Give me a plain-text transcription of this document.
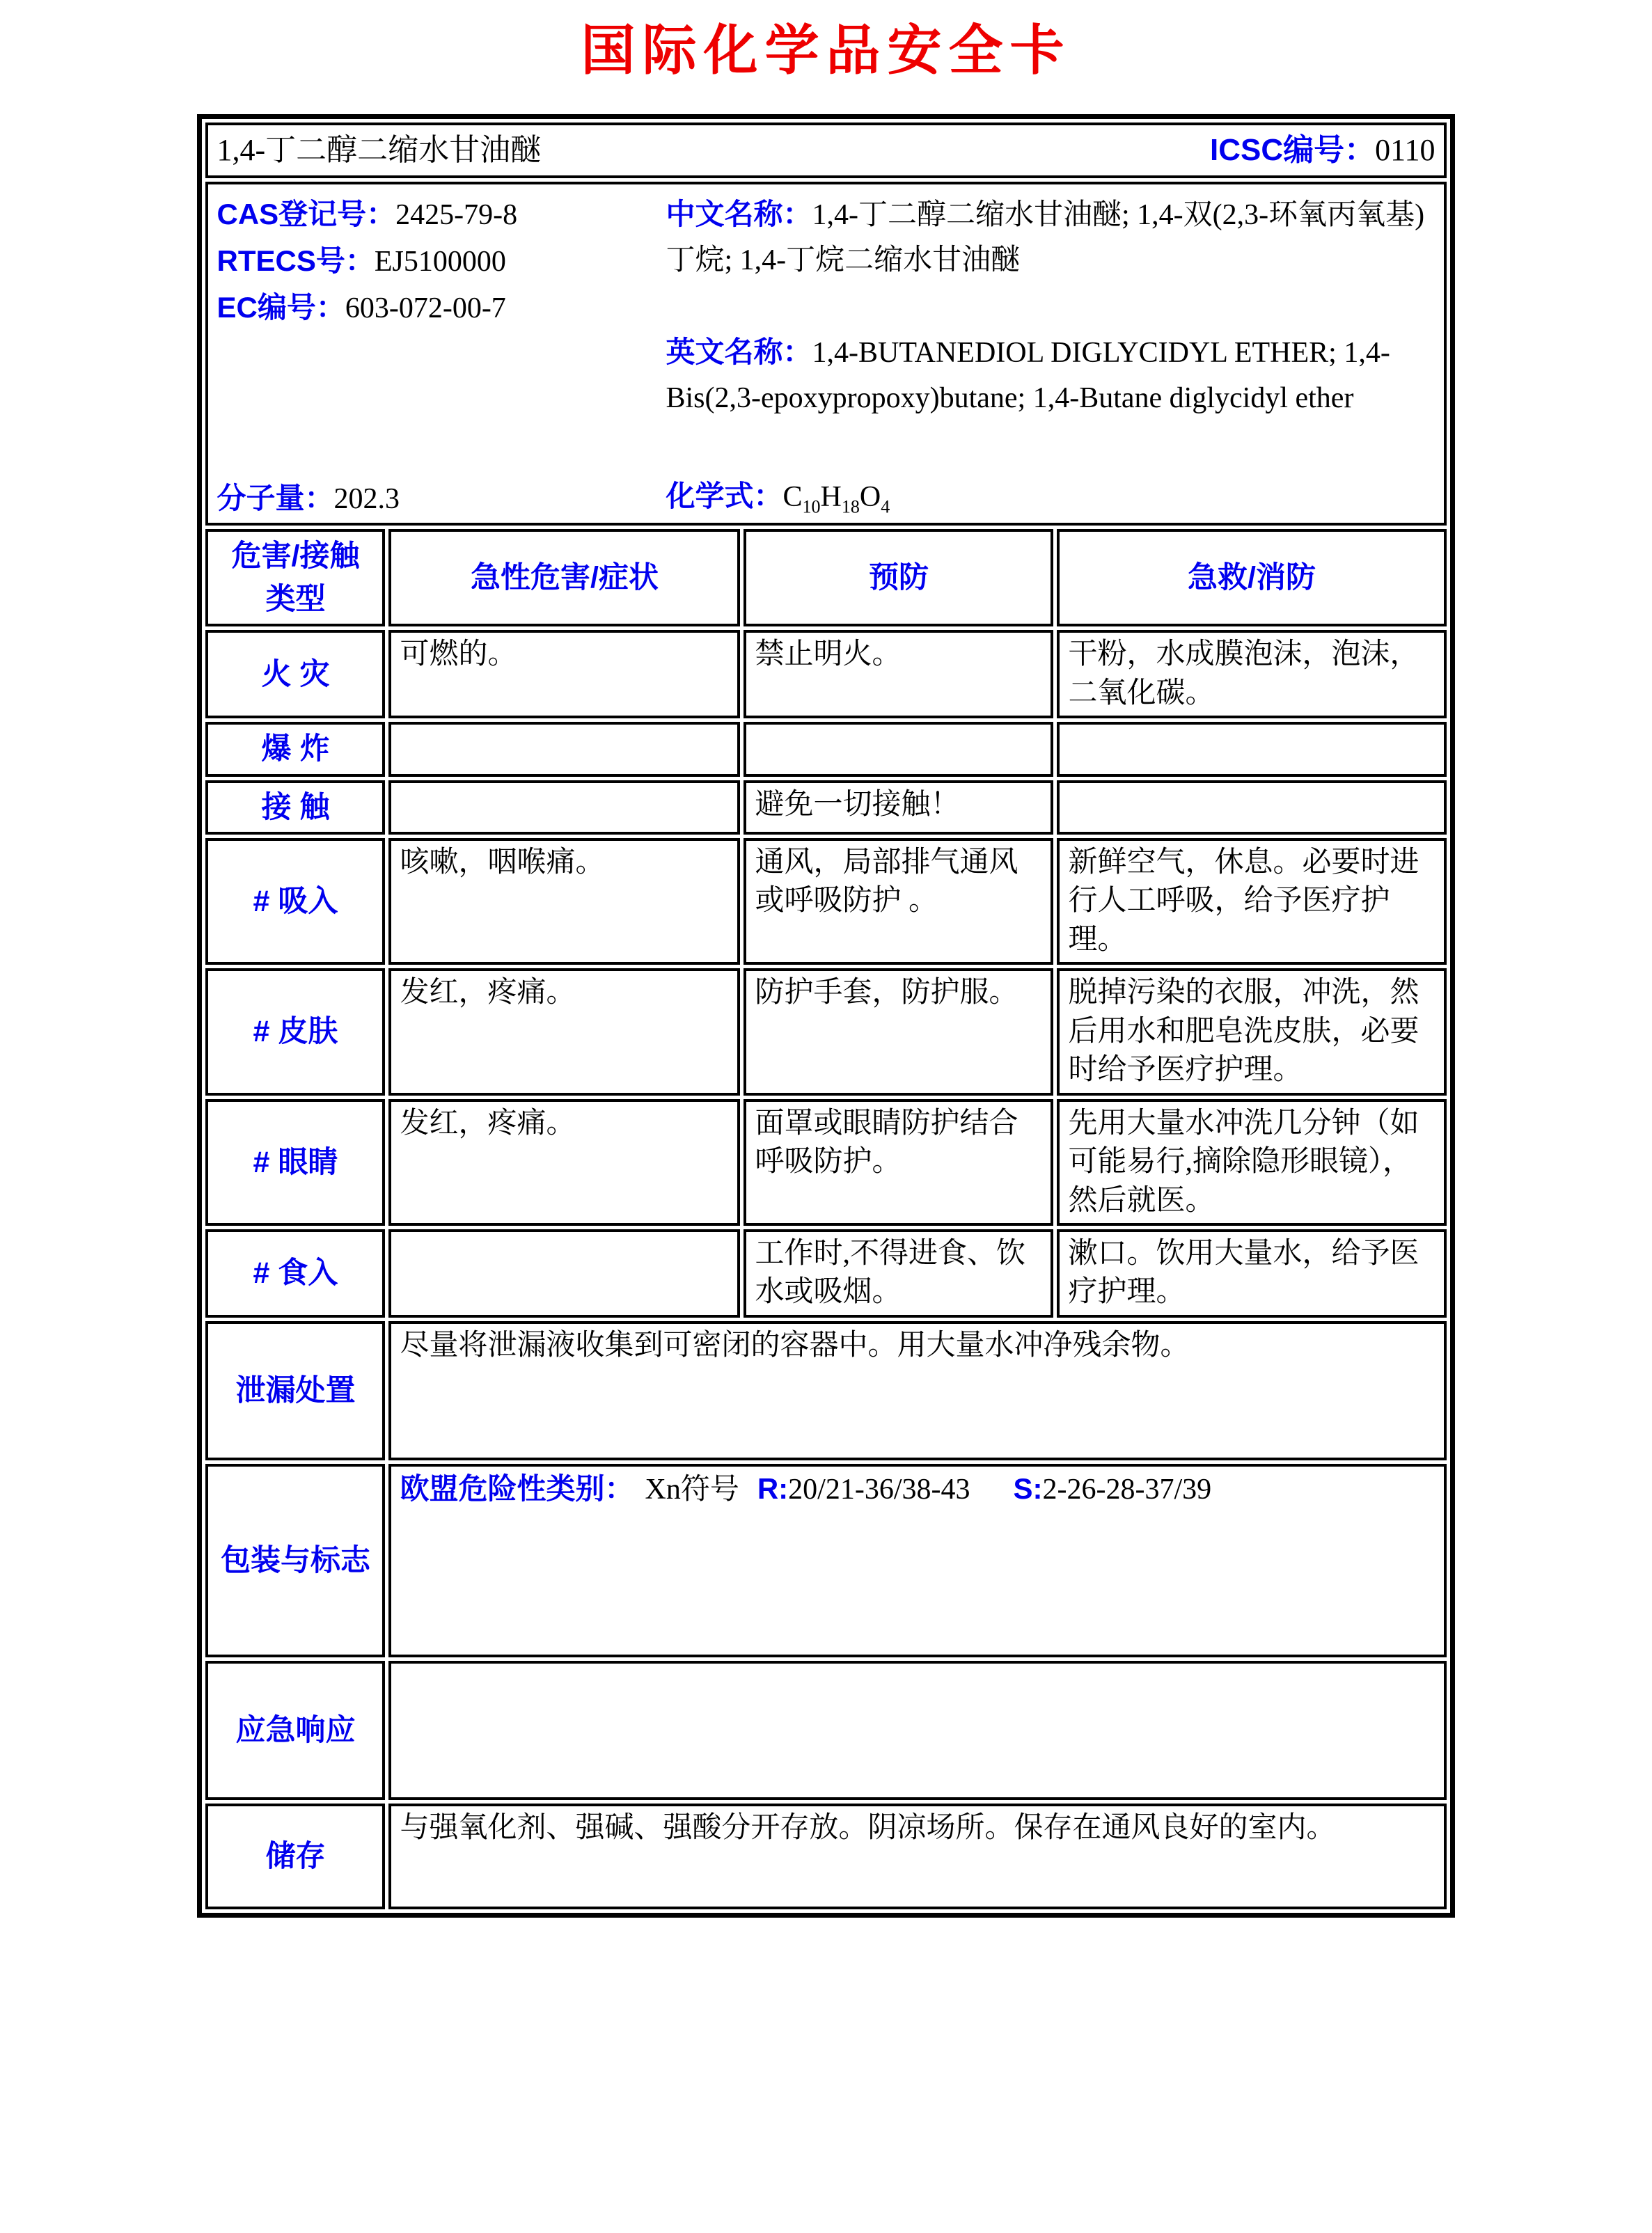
国际化学品安全卡
1,4-丁二醇二缩水甘油醚 ICSC编号：0110			

CAS登记号：2425-79-8
RTECS号：EJ5100000
EC编号：603-072-00-7
分子量：202.3
中文名称：1,4-丁二醇二缩水甘油醚; 1,4-双(2,3-环氧丙氧基)丁烷; 1,4-丁烷二缩水甘油醚
英文名称：1,4-BUTANEDIOL DIGLYCIDYL ETHER; 1,4-Bis(2,3-epoxypropoxy)butane; 1,4-Butane diglycidyl ether
化学式：$C_{10}H_{18}O_4$

危害/接触类型	急性危害/症状	预防	急救/消防
火 灾	可燃的。	禁止明火。	干粉，水成膜泡沫，泡沫，二氧化碳。
爆 炸			
接 触		避免一切接触！	
# 吸入	咳嗽，咽喉痛。	通风，局部排气通风或呼吸防护 。	新鲜空气，休息。必要时进行人工呼吸，给予医疗护理。
# 皮肤	发红，疼痛。	防护手套，防护服。	脱掉污染的衣服，冲洗，然后用水和肥皂洗皮肤，必要时给予医疗护理。
# 眼睛	发红，疼痛。	面罩或眼睛防护结合呼吸防护。	先用大量水冲洗几分钟（如可能易行,摘除隐形眼镜），然后就医。
# 食入		工作时,不得进食、饮水或吸烟。	漱口。饮用大量水，给予医疗护理。
泄漏处置	尽量将泄漏液收集到可密闭的容器中。用大量水冲净残余物。		
包装与标志	欧盟危险性类别： Xn符号 R:20/21-36/38-43 S:2-26-28-37/39		
应急响应			
储存	与强氧化剂、强碱、强酸分开存放。阴凉场所。保存在通风良好的室内。		
